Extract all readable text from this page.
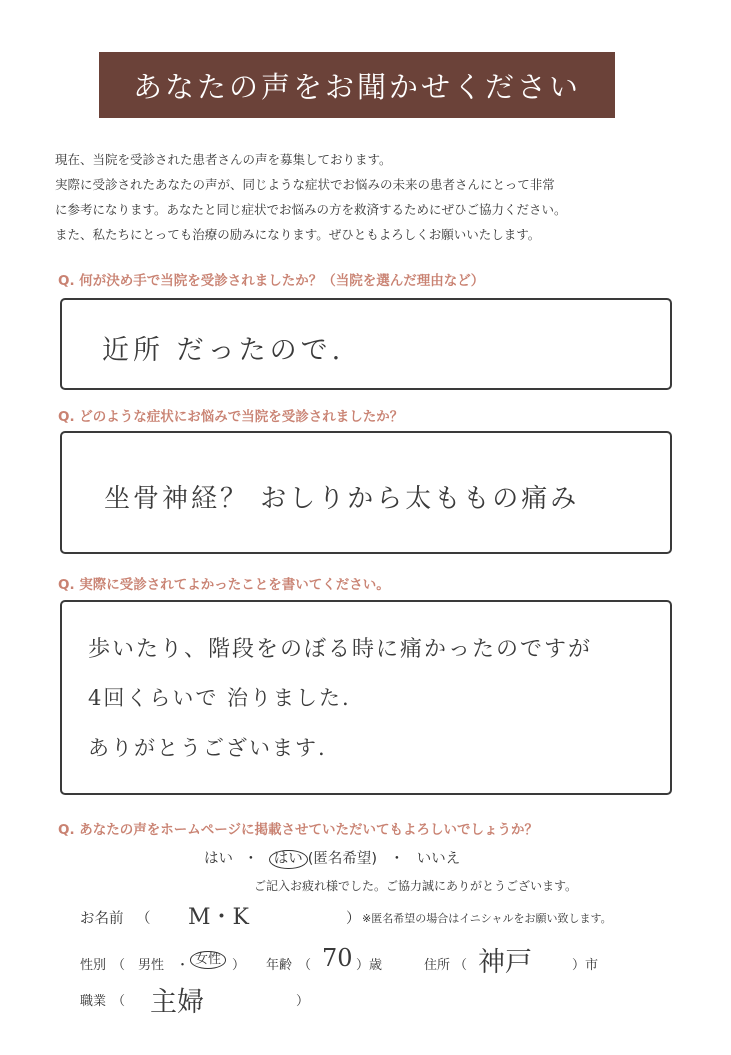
あなたの声をお聞かせください
現在、当院を受診された患者さんの声を募集しております。
実際に受診されたあなたの声が、同じような症状でお悩みの未来の患者さんにとって非常
に参考になります。あなたと同じ症状でお悩みの方を救済するためにぜひご協力ください。
また、私たちにとっても治療の励みになります。ぜひともよろしくお願いいたします。
Q. 何が決め手で当院を受診されましたか？（当院を選んだ理由など）
近所 だったので.
Q. どのような症状にお悩みで当院を受診されましたか？
坐骨神経？ おしりから太ももの痛み
Q. 実際に受診されてよかったことを書いてください。
歩いたり、階段をのぼる時に痛かったのですが
4回くらいで 治りました.
ありがとうございます.
Q. あなたの声をホームページに掲載させていただいてもよろしいでしょうか？
はい ・ はい (匿名希望) ・ いいえ
ご記入お疲れ様でした。ご協力誠にありがとうございます。
お名前 （ M・K	） ※匿名希望の場合はイニシャルをお願い致します。
性別 （ 男性 ・ 女性 ） 年齢 （ 70 ）歳	住所 （ 神戸	）市
職業 （ 主婦	）
